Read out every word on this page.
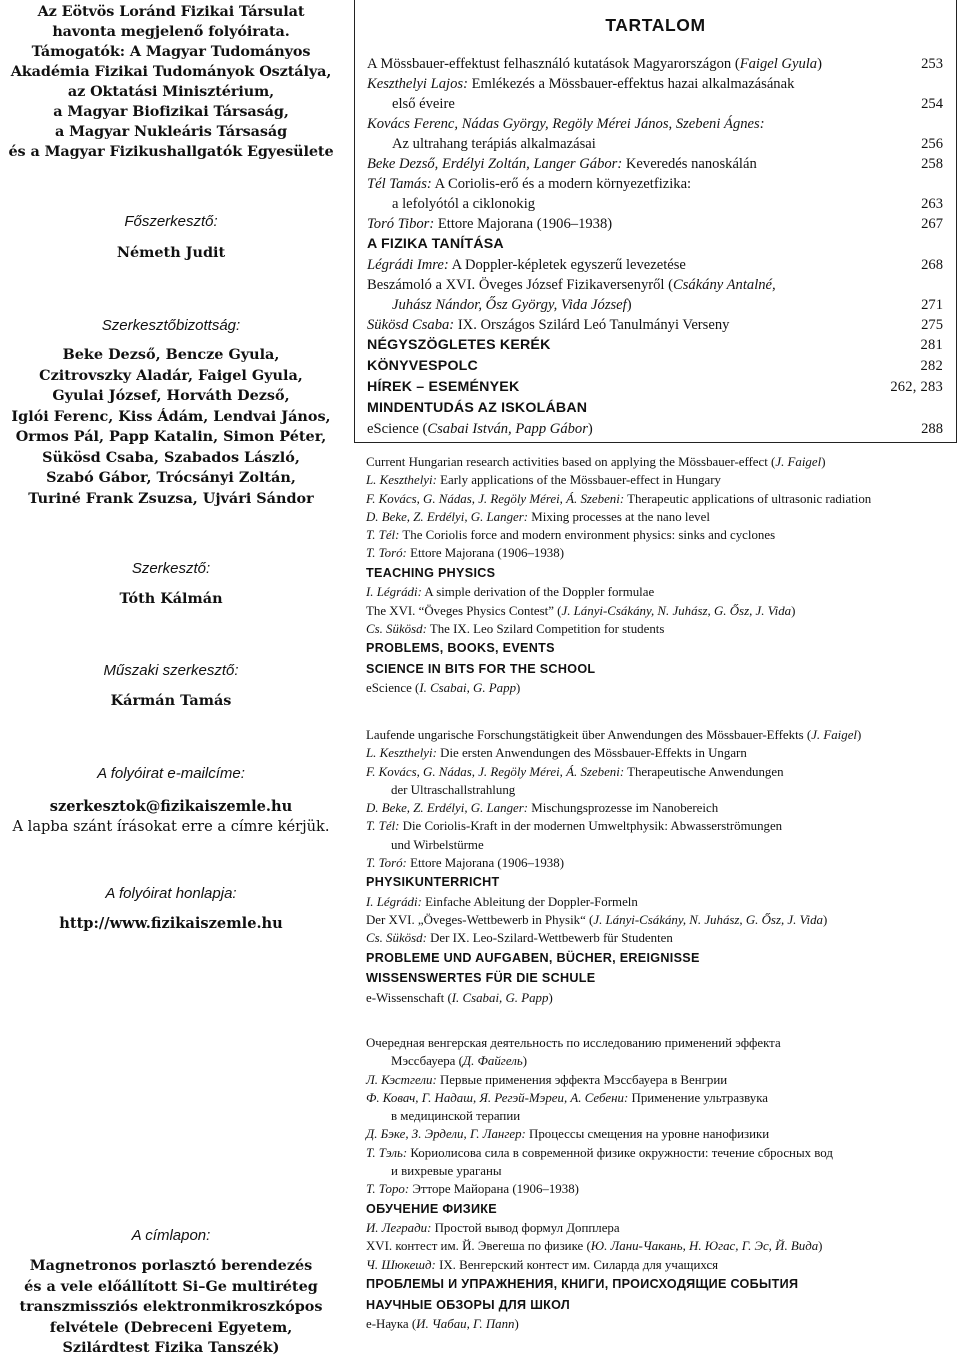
Az Eötvös Loránd Fizikai Társulat
havonta megjelenő folyóirata.
Támogatók: A Magyar Tudományos
Akadémia Fizikai Tudományok Osztálya,
az Oktatási Minisztérium,
a Magyar Biofizikai Társaság,
a Magyar Nukleáris Társaság
és a Magyar Fizikushallgatók Egyesülete
Főszerkesztő:
Németh Judit
Szerkesztőbizottság:
Beke Dezső, Bencze Gyula,
Czitrovszky Aladár, Faigel Gyula,
Gyulai József, Horváth Dezső,
Iglói Ferenc, Kiss Ádám, Lendvai János,
Ormos Pál, Papp Katalin, Simon Péter,
Sükösd Csaba, Szabados László,
Szabó Gábor, Trócsányi Zoltán,
Turiné Frank Zsuzsa, Ujvári Sándor
Szerkesztő:
Tóth Kálmán
Műszaki szerkesztő:
Kármán Tamás
A folyóirat e-mailcíme:
szerkesztok@fizikaiszemle.hu
A lapba szánt írásokat erre a címre kérjük.
A folyóirat honlapja:
http://www.fizikaiszemle.hu
A címlapon:
Magnetronos porlasztó berendezés
és a vele előállított Si–Ge multiréteg
transzmissziós elektronmikroszkópos
felvétele (Debreceni Egyetem,
Szilárdtest Fizika Tanszék)
TARTALOM
A Mössbauer-effektust felhasználó kutatások Magyarországon (Faigel Gyula)	253
Keszthelyi Lajos: Emlékezés a Mössbauer-effektus hazai alkalmazásának
első éveire	254
Kovács Ferenc, Nádas György, Regöly Mérei János, Szebeni Ágnes:
Az ultrahang terápiás alkalmazásai	256
Beke Dezső, Erdélyi Zoltán, Langer Gábor: Keveredés nanoskálán	258
Tél Tamás: A Coriolis-erő és a modern környezetfizika:
a lefolyótól a ciklonokig	263
Toró Tibor: Ettore Majorana (1906–1938)	267
A FIZIKA TANÍTÁSA
Légrádi Imre: A Doppler-képletek egyszerű levezetése	268
Beszámoló a XVI. Öveges József Fizikaversenyről (Csákány Antalné,
Juhász Nándor, Ősz György, Vida József)	271
Sükösd Csaba: IX. Országos Szilárd Leó Tanulmányi Verseny	275
NÉGYSZÖGLETES KERÉK	281
KÖNYVESPOLC	282
HÍREK – ESEMÉNYEK	262, 283
MINDENTUDÁS AZ ISKOLÁBAN
eScience (Csabai István, Papp Gábor)	288
Current Hungarian research activities based on applying the Mössbauer-effect (J. Faigel)
L. Keszthelyi: Early applications of the Mössbauer-effect in Hungary
F. Kovács, G. Nádas, J. Regöly Mérei, Á. Szebeni: Therapeutic applications of ultrasonic radiation
D. Beke, Z. Erdélyi, G. Langer: Mixing processes at the nano level
T. Tél: The Coriolis force and modern environment physics: sinks and cyclones
T. Toró: Ettore Majorana (1906–1938)
TEACHING PHYSICS
I. Légrádi: A simple derivation of the Doppler formulae
The XVI. “Öveges Physics Contest” (J. Lányi-Csákány, N. Juhász, G. Ősz, J. Vida)
Cs. Sükösd: The IX. Leo Szilard Competition for students
PROBLEMS, BOOKS, EVENTS
SCIENCE IN BITS FOR THE SCHOOL
eScience (I. Csabai, G. Papp)
Laufende ungarische Forschungstätigkeit über Anwendungen des Mössbauer-Effekts (J. Faigel)
L. Keszthelyi: Die ersten Anwendungen des Mössbauer-Effekts in Ungarn
F. Kovács, G. Nádas, J. Regöly Mérei, Á. Szebeni: Therapeutische Anwendungen
der Ultraschallstrahlung
D. Beke, Z. Erdélyi, G. Langer: Mischungsprozesse im Nanobereich
T. Tél: Die Coriolis-Kraft in der modernen Umweltphysik: Abwasserströmungen
und Wirbelstürme
T. Toró: Ettore Majorana (1906–1938)
PHYSIKUNTERRICHT
I. Légrádi: Einfache Ableitung der Doppler-Formeln
Der XVI. „Öveges-Wettbewerb in Physik“ (J. Lányi-Csákány, N. Juhász, G. Ősz, J. Vida)
Cs. Sükösd: Der IX. Leo-Szilard-Wettbewerb für Studenten
PROBLEME UND AUFGABEN, BÜCHER, EREIGNISSE
WISSENSWERTES FÜR DIE SCHULE
e-Wissenschaft (I. Csabai, G. Papp)
Очередная венгерская деятельность по исследованию применений эффекта
Мэссбауера (Д. Файгель)
Л. Кэстгели: Первые применения эффекта Мэссбауера в Венгрии
Ф. Ковач, Г. Надаш, Я. Регэй-Мэреи, А. Себени: Применение ультразвука
в медицинской терапии
Д. Бэке, З. Эрдели, Г. Лангер: Процессы смещения на уровне нанофизики
Т. Тэль: Кориолисова сила в современной физике окружности: течение сбросных вод
и вихревые ураганы
Т. Торо: Эттоpе Майорана (1906–1938)
ОБУЧЕНИЕ ФИЗИКЕ
И. Легради: Простой вывод формул Допплера
XVI. контест им. Й. Эвегеша по физике (Ю. Лани-Чакань, Н. Югас, Г. Эс, Й. Вида)
Ч. Шюкешд: IX. Венгерский контест им. Силарда для учащихся
ПРОБЛЕМЫ И УПРАЖНЕНИЯ, КНИГИ, ПРОИСХОДЯЩИЕ СОБЫТИЯ
НАУЧНЫЕ ОБЗОРЫ ДЛЯ ШКОЛ
е-Наука (И. Чабаи, Г. Папп)
